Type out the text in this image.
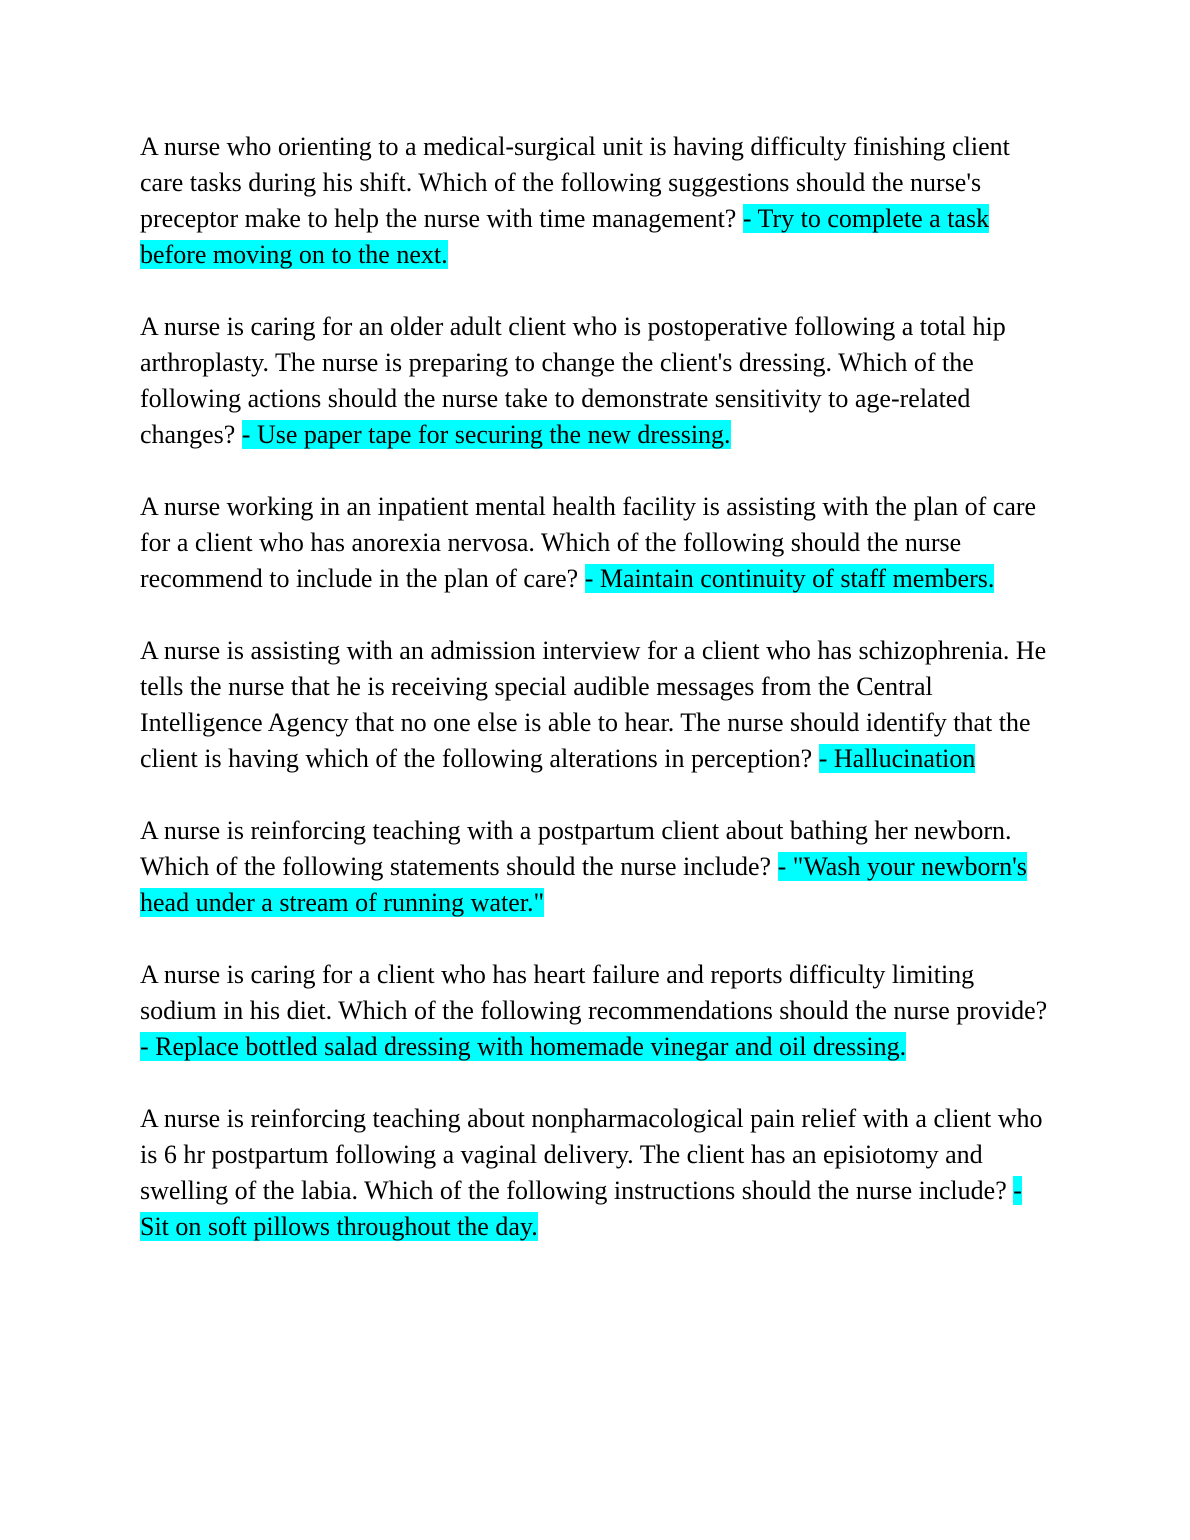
A nurse who orienting to a medical-surgical unit is having difficulty finishing client care tasks during his shift. Which of the following suggestions should the nurse's preceptor make to help the nurse with time management? - Try to complete a task before moving on to the next.

A nurse is caring for an older adult client who is postoperative following a total hip arthroplasty. The nurse is preparing to change the client's dressing. Which of the following actions should the nurse take to demonstrate sensitivity to age-related changes? - Use paper tape for securing the new dressing.

A nurse working in an inpatient mental health facility is assisting with the plan of care for a client who has anorexia nervosa. Which of the following should the nurse recommend to include in the plan of care? - Maintain continuity of staff members.

A nurse is assisting with an admission interview for a client who has schizophrenia. He tells the nurse that he is receiving special audible messages from the Central Intelligence Agency that no one else is able to hear. The nurse should identify that the client is having which of the following alterations in perception? - Hallucination

A nurse is reinforcing teaching with a postpartum client about bathing her newborn. Which of the following statements should the nurse include? - "Wash your newborn's head under a stream of running water."

A nurse is caring for a client who has heart failure and reports difficulty limiting sodium in his diet. Which of the following recommendations should the nurse provide? - Replace bottled salad dressing with homemade vinegar and oil dressing.

A nurse is reinforcing teaching about nonpharmacological pain relief with a client who is 6 hr postpartum following a vaginal delivery. The client has an episiotomy and swelling of the labia. Which of the following instructions should the nurse include? - Sit on soft pillows throughout the day.
